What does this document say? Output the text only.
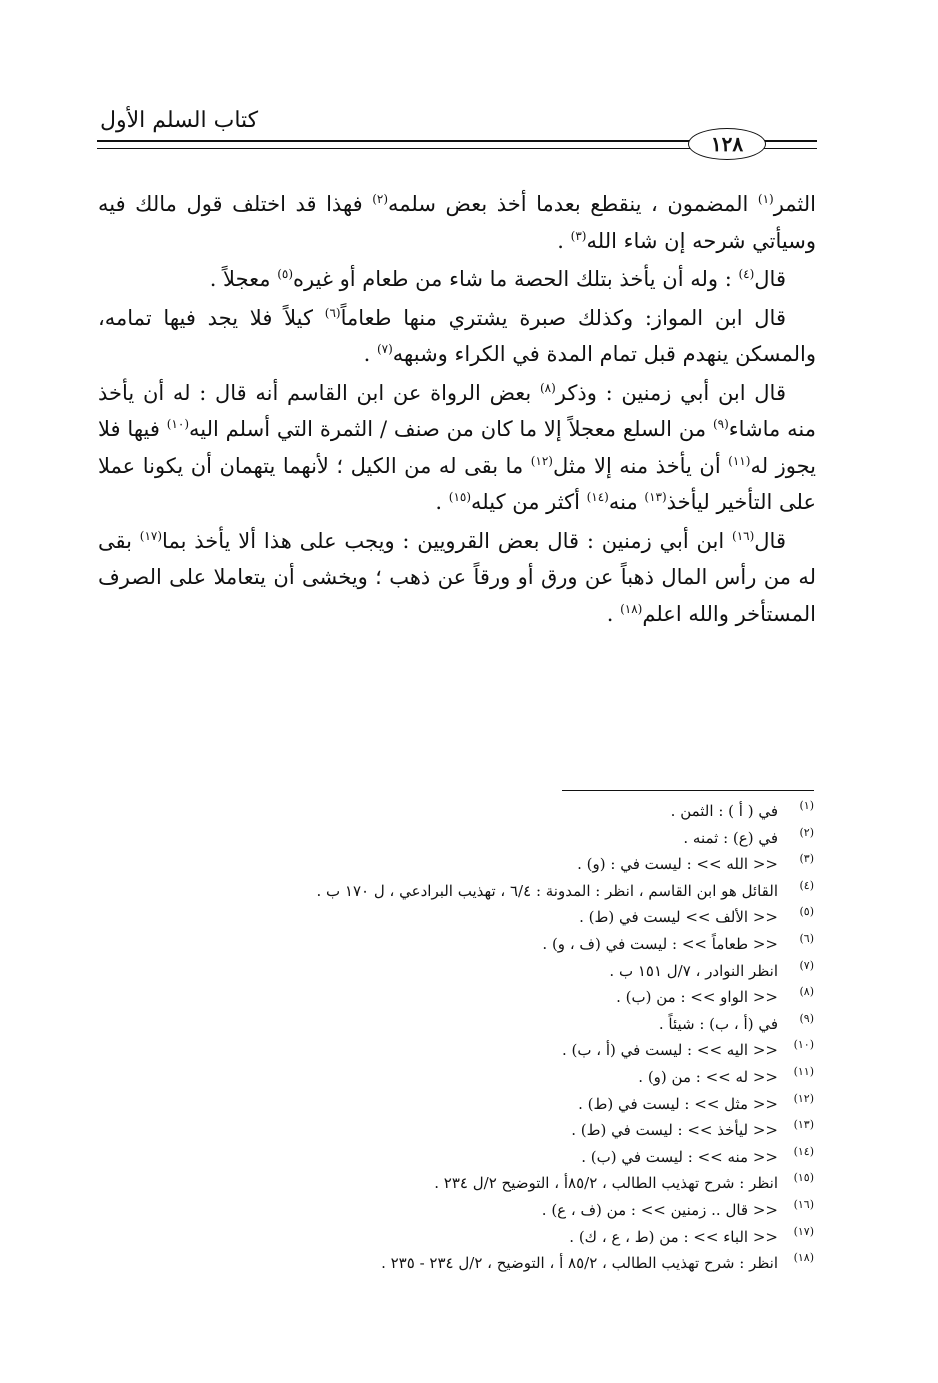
كتاب السلم الأول
١٢٨

الثمر$^{(١)}$ المضمون ، ينقطع بعدما أخذ بعض سلمه$^{(٢)}$ فهذا قد اختلف قول مالك فيه وسيأتي شرحه إن شاء الله$^{(٣)}$ .

قال$^{(٤)}$ : وله أن يأخذ بتلك الحصة ما شاء من طعام أو غيره$^{(٥)}$ معجلاً .

قال ابن المواز: وكذلك صبرة يشتري منها طعاماً$^{(٦)}$ كيلاً فلا يجد فيها تمامه، والمسكن ينهدم قبل تمام المدة في الكراء وشبهه$^{(٧)}$ .

قال ابن أبي زمنين : وذكر$^{(٨)}$ بعض الرواة عن ابن القاسم أنه قال : له أن يأخذ منه ماشاء$^{(٩)}$ من السلع معجلاً إلا ما كان من صنف / الثمرة التي أسلم اليه$^{(١٠)}$ فيها فلا يجوز له$^{(١١)}$ أن يأخذ منه إلا مثل$^{(١٢)}$ ما بقى له من الكيل ؛ لأنهما يتهمان أن يكونا عملا على التأخير ليأخذ$^{(١٣)}$ منه$^{(١٤)}$ أكثر من كيله$^{(١٥)}$ .

قال$^{(١٦)}$ ابن أبي زمنين : قال بعض القرويين : ويجب على هذا ألا يأخذ بما$^{(١٧)}$ بقى له من رأس المال ذهباً عن ورق أو ورقاً عن ذهب ؛ ويخشى أن يتعاملا على الصرف المستأخر والله اعلم$^{(١٨)}$ .

(١)
في ( أ ) : الثمن .
(٢)
في (ع) : ثمنه .
(٣)
<< الله >> : ليست في : (و) .
(٤)
القائل هو ابن القاسم ، انظر : المدونة : ٦/٤ ، تهذيب البرادعي ، ل ١٧٠ ب .
(٥)
<< الألف >> ليست في (ط) .
(٦)
<< طعاماً >> : ليست في (ف ، و) .
(٧)
انظر النوادر ، ٧/ل ١٥١ ب .
(٨)
<< الواو >> : من (ب) .
(٩)
في (أ ، ب) : شيئاً .
(١٠)
<< اليه >> : ليست في (أ ، ب) .
(١١)
<< له >> : من (و) .
(١٢)
<< مثل >> : ليست في (ط) .
(١٣)
<< ليأخذ >> : ليست في (ط) .
(١٤)
<< منه >> : ليست في (ب) .
(١٥)
انظر : شرح تهذيب الطالب ، ٨٥/٢أ ، التوضيح ٢/ل ٢٣٤ .
(١٦)
<< قال .. زمنين >> : من (ف ، ع) .
(١٧)
<< الباء >> : من (ط ، ع ، ك) .
(١٨)
انظر : شرح تهذيب الطالب ، ٨٥/٢ أ ، التوضيح ، ٢/ل ٢٣٤ - ٢٣٥ .
